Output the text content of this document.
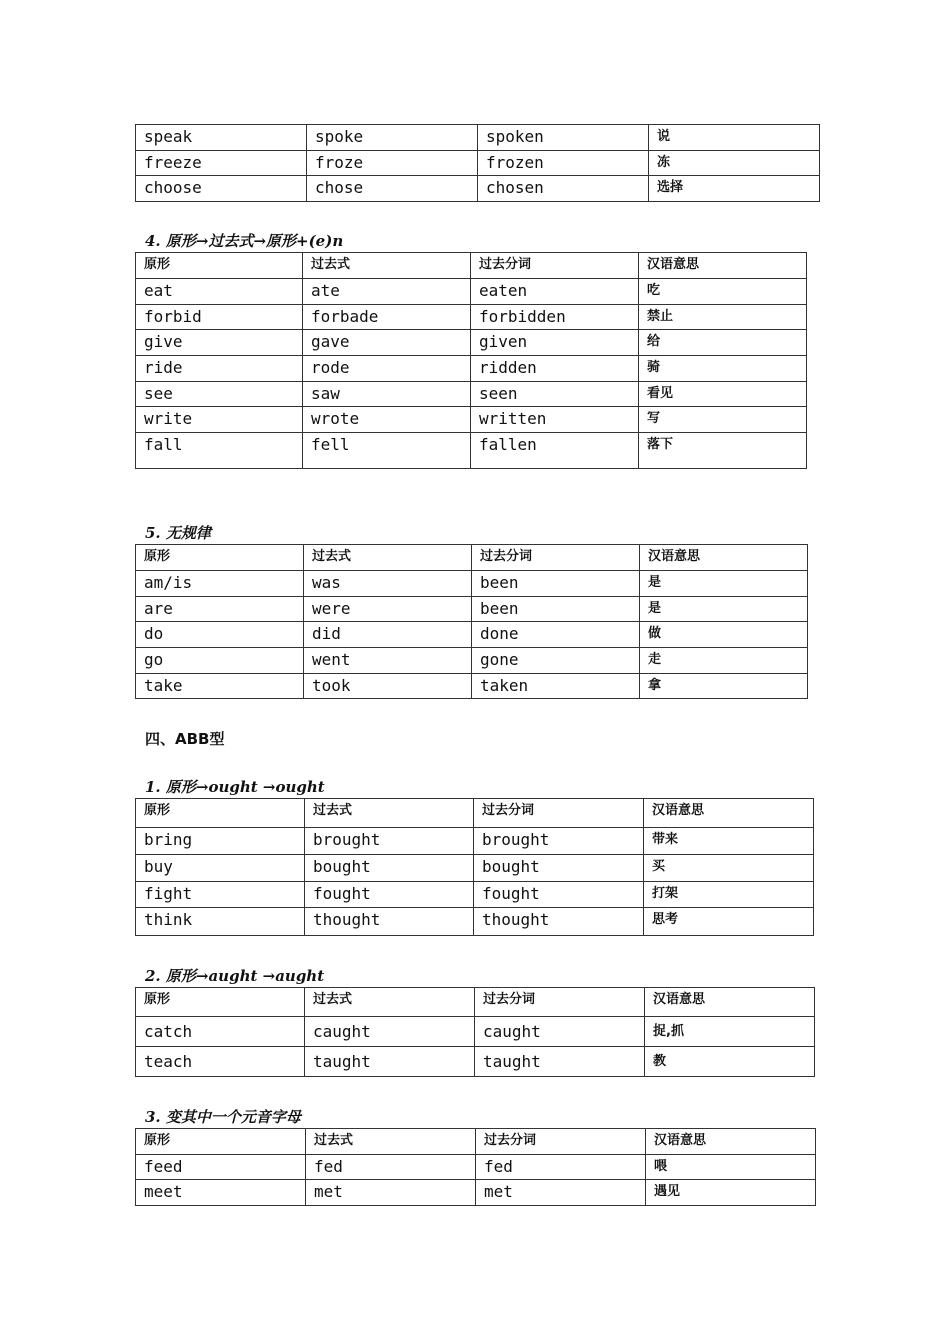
speak	spoke	spoken	说
freeze	froze	frozen	冻
choose	chose	chosen	选择
4. 原形→过去式→原形+(e)n
原形	过去式	过去分词	汉语意思
eat	ate	eaten	吃
forbid	forbade	forbidden	禁止
give	gave	given	给
ride	rode	ridden	骑
see	saw	seen	看见
write	wrote	written	写
fall	fell	fallen	落下
5. 无规律
原形	过去式	过去分词	汉语意思
am/is	was	been	是
are	were	been	是
do	did	done	做
go	went	gone	走
take	took	taken	拿
四、ABB型
1. 原形→ought →ought
原形	过去式	过去分词	汉语意思
bring	brought	brought	带来
buy	bought	bought	买
fight	fought	fought	打架
think	thought	thought	思考
2. 原形→aught →aught
原形	过去式	过去分词	汉语意思
catch	caught	caught	捉,抓
teach	taught	taught	教
3. 变其中一个元音字母
原形	过去式	过去分词	汉语意思
feed	fed	fed	喂
meet	met	met	遇见
